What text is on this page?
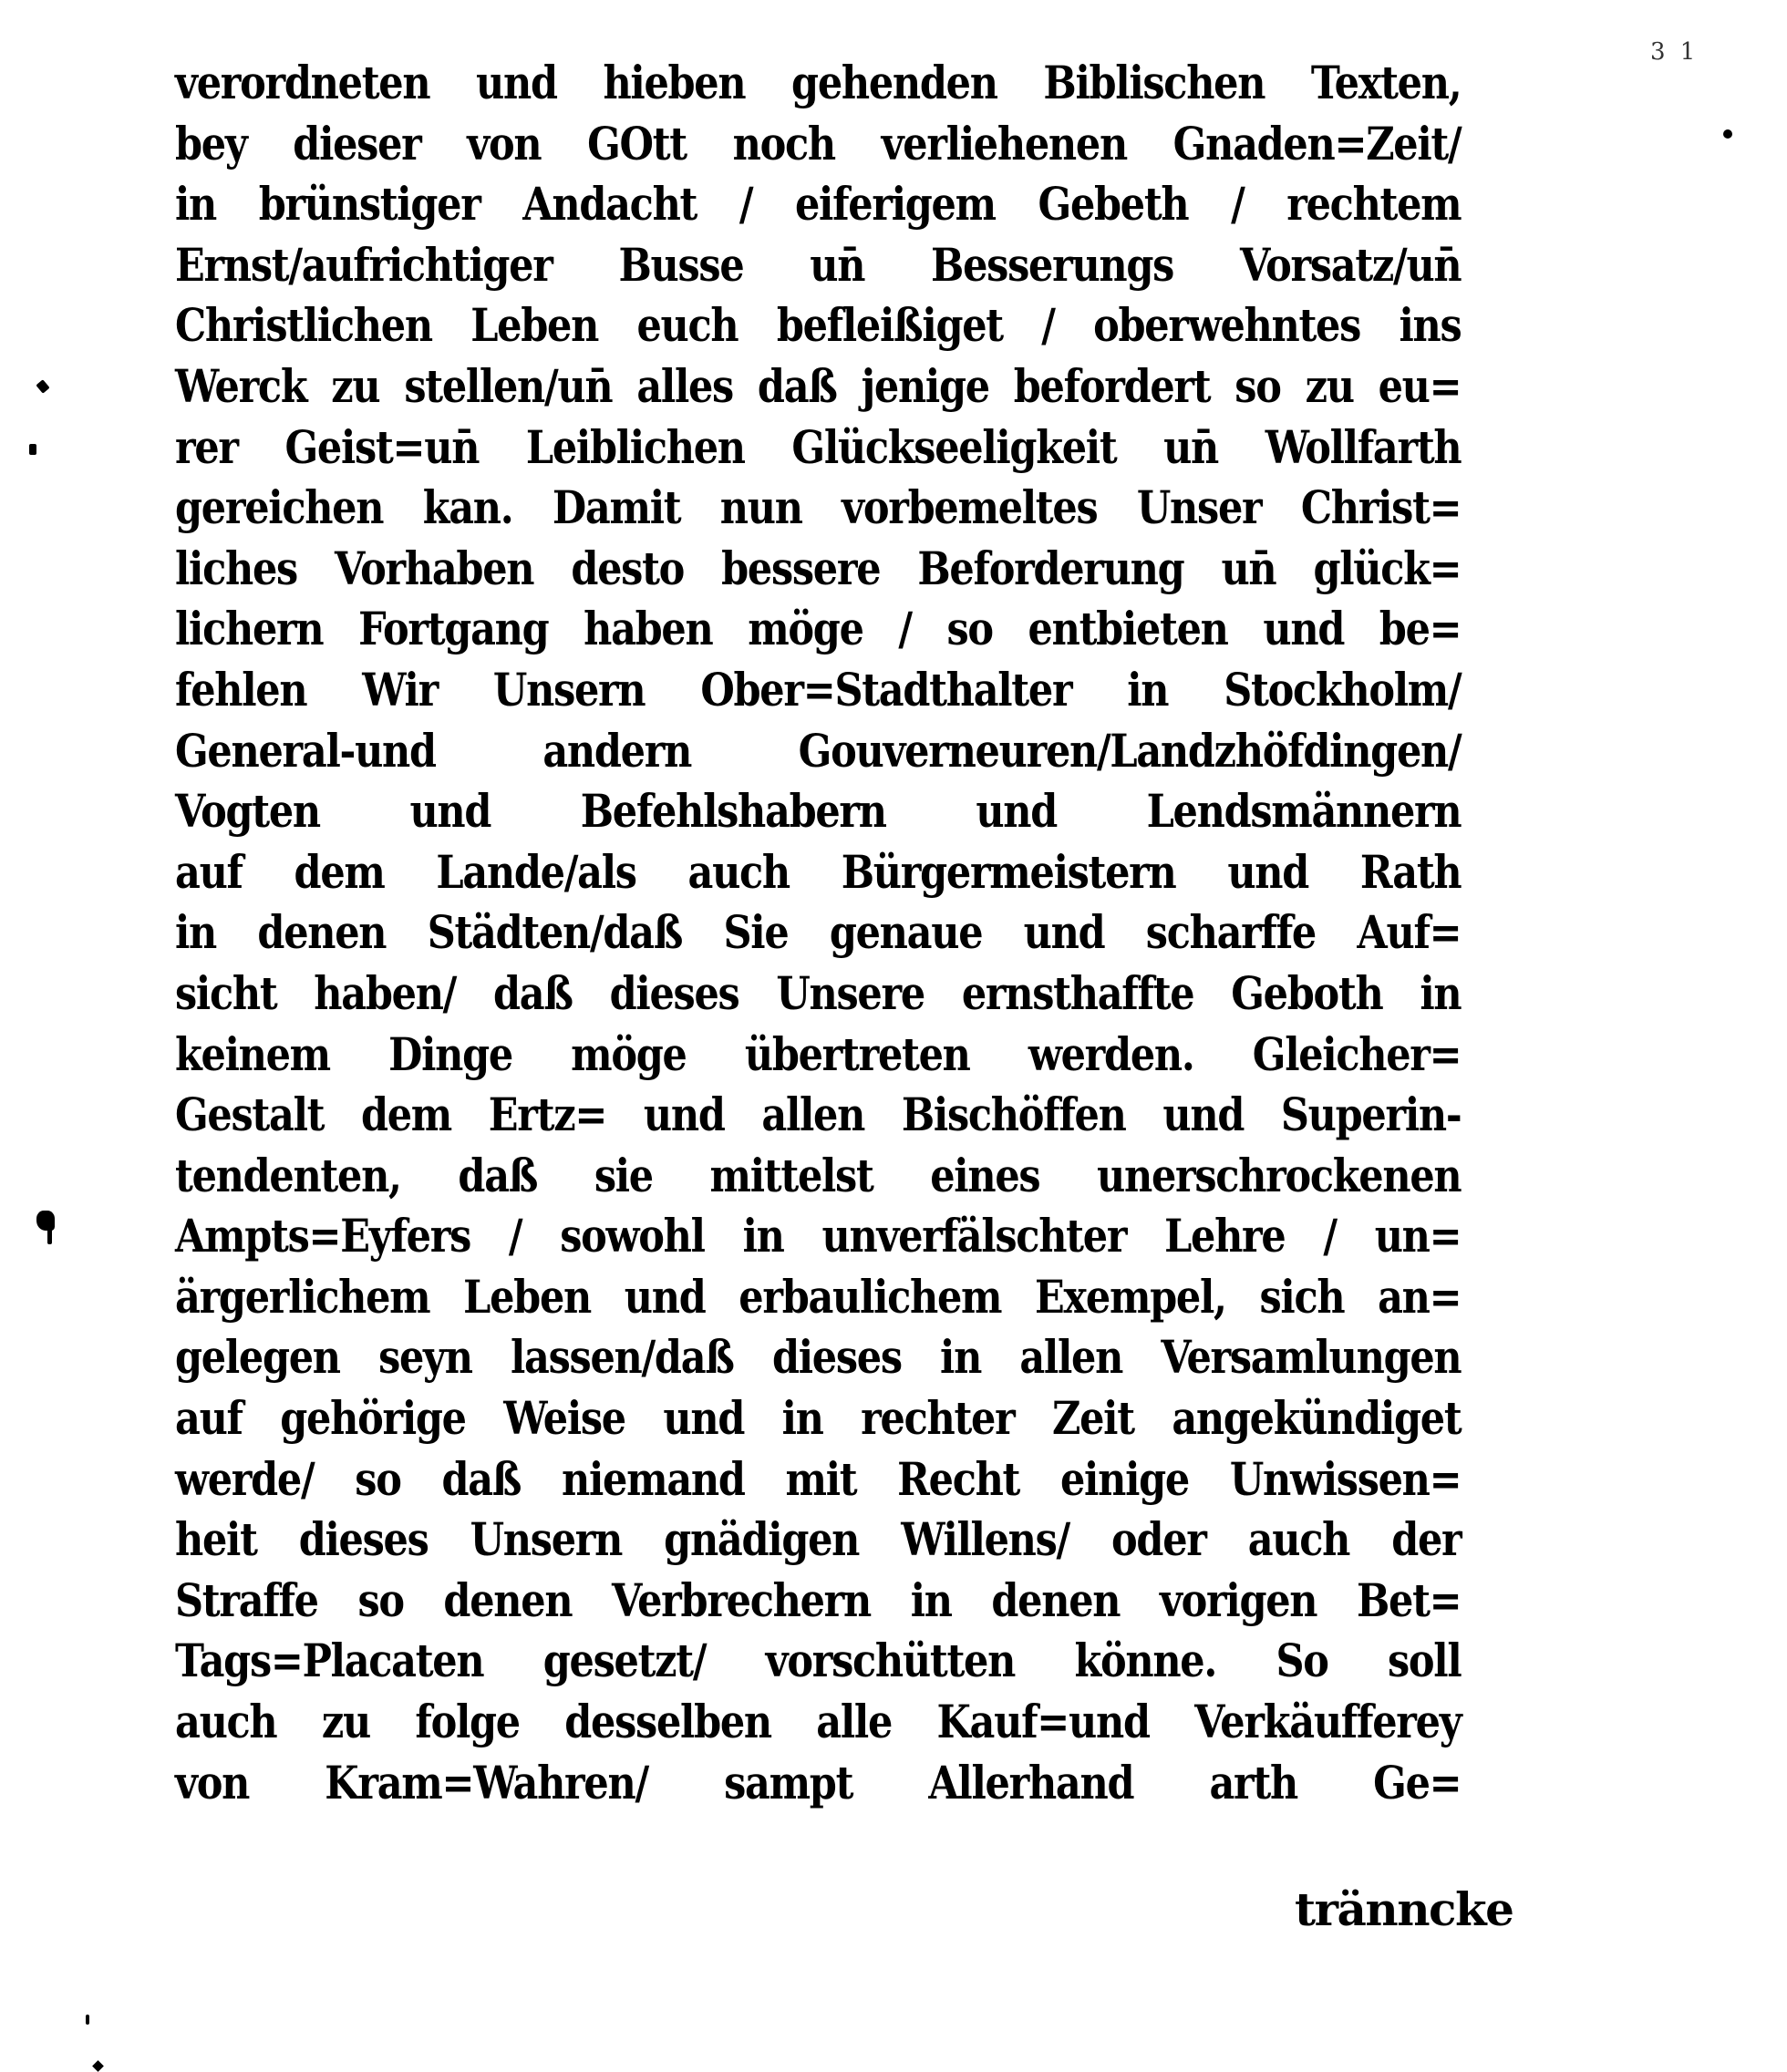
3 1
verordneten und hieben gehenden Biblischen Texten,
bey dieser von GOtt noch verliehenen Gnaden=Zeit/
in brünstiger Andacht / eiferigem Gebeth / rechtem
Ernst/aufrichtiger Busse un̄ Besserungs Vorsatz/un̄
Christlichen Leben euch befleißiget / oberwehntes ins
Werck zu stellen/un̄ alles daß jenige befordert so zu eu=
rer Geist=un̄ Leiblichen Glückseeligkeit un̄ Wollfarth
gereichen kan. Damit nun vorbemeltes Unser Christ=
liches Vorhaben desto bessere Beforderung un̄ glück=
lichern Fortgang haben möge / so entbieten und be=
fehlen Wir Unsern Ober=Stadthalter in Stockholm/
General-und andern Gouverneuren/Landzhöfdingen/
Vogten und Befehlshabern und Lendsmännern
auf dem Lande/als auch Bürgermeistern und Rath
in denen Städten/daß Sie genaue und scharffe Auf=
sicht haben/ daß dieses Unsere ernsthaffte Geboth in
keinem Dinge möge übertreten werden. Gleicher=
Gestalt dem Ertz= und allen Bischöffen und Superin-
tendenten, daß sie mittelst eines unerschrockenen
Ampts=Eyfers / sowohl in unverfälschter Lehre / un=
ärgerlichem Leben und erbaulichem Exempel, sich an=
gelegen seyn lassen/daß dieses in allen Versamlungen
auf gehörige Weise und in rechter Zeit angekündiget
werde/ so daß niemand mit Recht einige Unwissen=
heit dieses Unsern gnädigen Willens/ oder auch der
Straffe so denen Verbrechern in denen vorigen Bet=
Tags=Placaten gesetzt/ vorschütten könne. So soll
auch zu folge desselben alle Kauf=und Verkäufferey
von Kram=Wahren/ sampt Allerhand arth Ge=
tränncke
